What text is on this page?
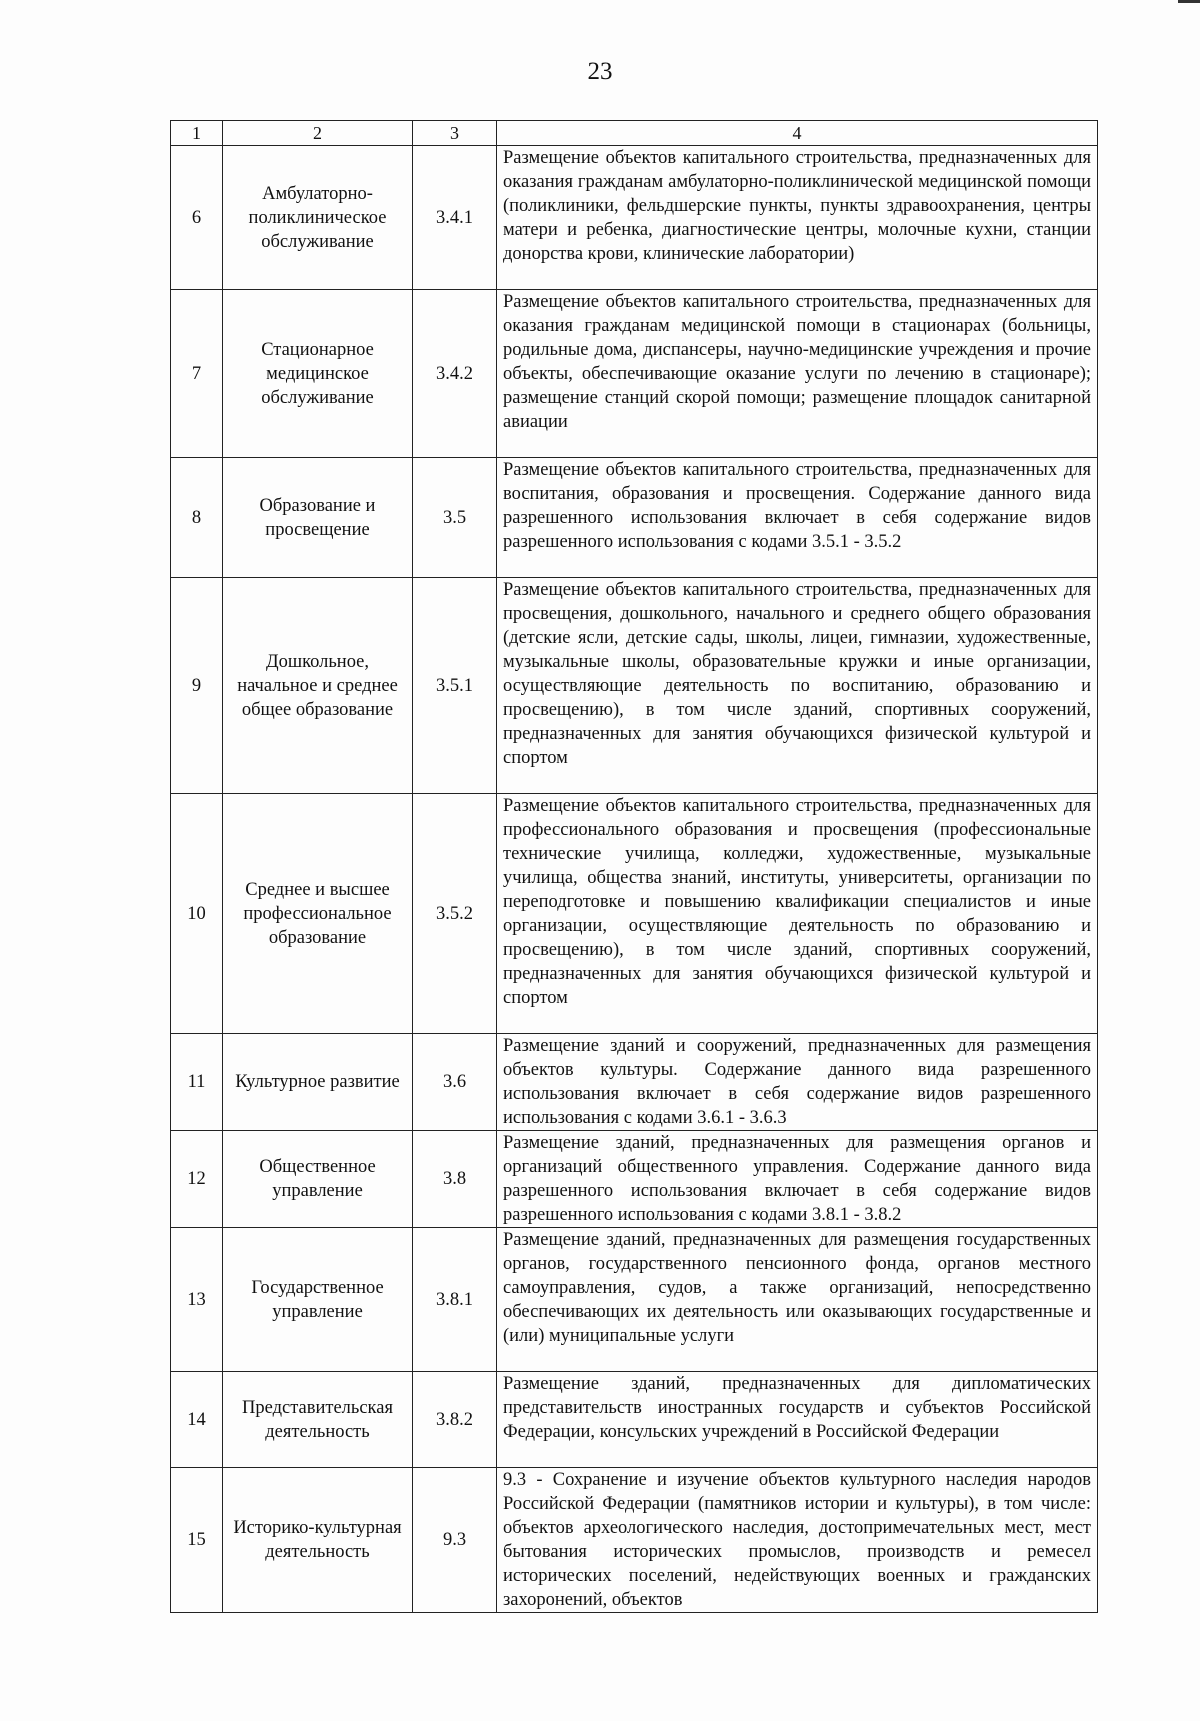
23
1	2	3	4
6	Амбулаторно-поликлиническое обслуживание	3.4.1	Размещение объектов капитального строительства, предназначенных для оказания гражданам амбулаторно-поликлинической медицинской помощи (поликлиники, фельдшерские пункты, пункты здравоохранения, центры матери и ребенка, диагностические центры, молочные кухни, станции донорства крови, клинические лаборатории)
7	Стационарное медицинское обслуживание	3.4.2	Размещение объектов капитального строительства, предназначенных для оказания гражданам медицинской помощи в стационарах (больницы, родильные дома, диспансеры, научно-медицинские учреждения и прочие объекты, обеспечивающие оказание услуги по лечению в стационаре); размещение станций скорой помощи; размещение площадок санитарной авиации
8	Образование и просвещение	3.5	Размещение объектов капитального строительства, предназначенных для воспитания, образования и просвещения. Содержание данного вида разрешенного использования включает в себя содержание видов разрешенного использования с кодами 3.5.1 - 3.5.2
9	Дошкольное, начальное и среднее общее образование	3.5.1	Размещение объектов капитального строительства, предназначенных для просвещения, дошкольного, начального и среднего общего образования (детские ясли, детские сады, школы, лицеи, гимназии, художественные, музыкальные школы, образовательные кружки и иные организации, осуществляющие деятельность по воспитанию, образованию и просвещению), в том числе зданий, спортивных сооружений, предназначенных для занятия обучающихся физической культурой и спортом
10	Среднее и высшее профессиональное образование	3.5.2	Размещение объектов капитального строительства, предназначенных для профессионального образования и просвещения (профессиональные технические училища, колледжи, художественные, музыкальные училища, общества знаний, институты, университеты, организации по переподготовке и повышению квалификации специалистов и иные организации, осуществляющие деятельность по образованию и просвещению), в том числе зданий, спортивных сооружений, предназначенных для занятия обучающихся физической культурой и спортом
11	Культурное развитие	3.6	Размещение зданий и сооружений, предназначенных для размещения объектов культуры. Содержание данного вида разрешенного использования включает в себя содержание видов разрешенного использования с кодами 3.6.1 - 3.6.3
12	Общественное управление	3.8	Размещение зданий, предназначенных для размещения органов и организаций общественного управления. Содержание данного вида разрешенного использования включает в себя содержание видов разрешенного использования с кодами 3.8.1 - 3.8.2
13	Государственное управление	3.8.1	Размещение зданий, предназначенных для размещения государственных органов, государственного пенсионного фонда, органов местного самоуправления, судов, а также организаций, непосредственно обеспечивающих их деятельность или оказывающих государственные и (или) муниципальные услуги
14	Представительская деятельность	3.8.2	Размещение зданий, предназначенных для дипломатических представительств иностранных государств и субъектов Российской Федерации, консульских учреждений в Российской Федерации
15	Историко-культурная деятельность	9.3	9.3 - Сохранение и изучение объектов культурного наследия народов Российской Федерации (памятников истории и культуры), в том числе: объектов археологического наследия, достопримечательных мест, мест бытования исторических промыслов, производств и ремесел исторических поселений, недействующих военных и гражданских захоронений, объектов
